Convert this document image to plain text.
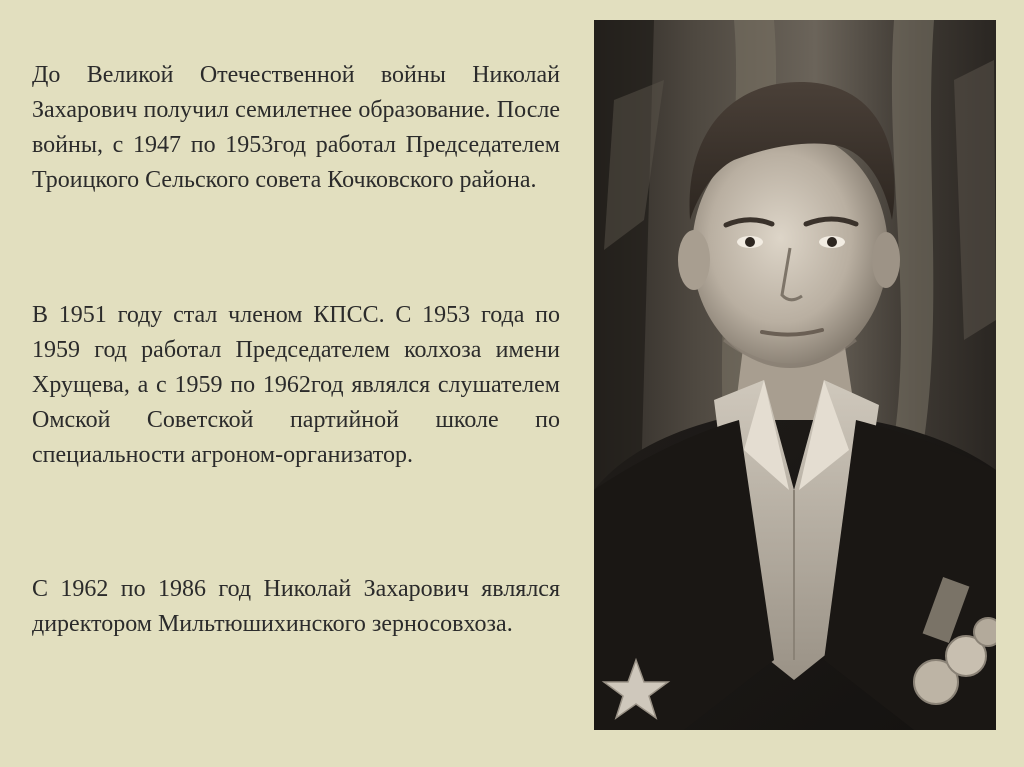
До Великой Отечественной войны Николай Захарович получил семилетнее образование. После войны, с 1947 по 1953год работал Председателем Троицкого Сельского совета Кочковского района.

В 1951 году стал членом КПСС. С 1953 года по 1959 год работал Председателем колхоза имени Хрущева, а с 1959 по 1962год являлся слушателем Омской Советской партийной школе по специальности агроном-организатор.

С 1962 по 1986 год Николай Захарович являлся директором Мильтюшихинского зерносовхоза.
